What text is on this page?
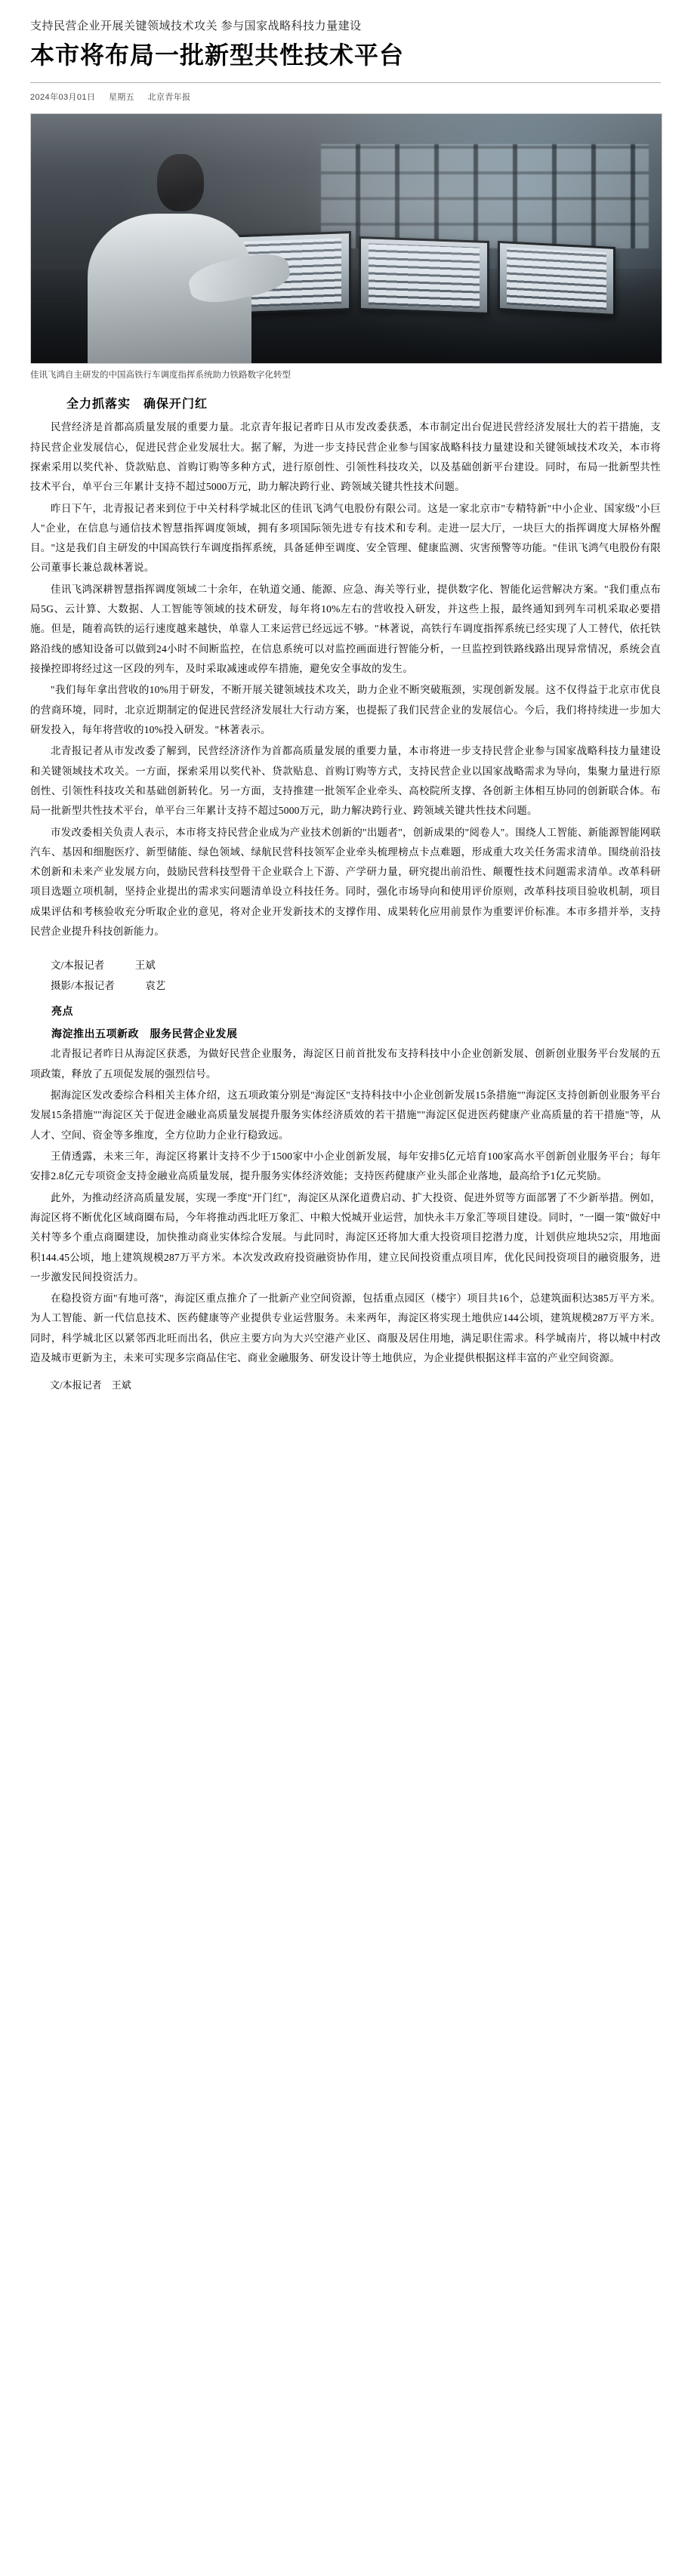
支持民营企业开展关键领域技术攻关 参与国家战略科技力量建设
本市将布局一批新型共性技术平台
2024年03月01日 星期五 北京青年报
佳讯飞鸿自主研发的中国高铁行车调度指挥系统助力铁路数字化转型
全力抓落实　确保开门红

民营经济是首都高质量发展的重要力量。北京青年报记者昨日从市发改委获悉，本市制定出台促进民营经济发展壮大的若干措施，支持民营企业发展信心，促进民营企业发展壮大。据了解，为进一步支持民营企业参与国家战略科技力量建设和关键领域技术攻关，本市将探索采用以奖代补、贷款贴息、首购订购等多种方式，进行原创性、引领性科技攻关，以及基础创新平台建设。同时，布局一批新型共性技术平台，单平台三年累计支持不超过5000万元，助力解决跨行业、跨领域关键共性技术问题。

昨日下午，北青报记者来到位于中关村科学城北区的佳讯飞鸿气电股份有限公司。这是一家北京市"专精特新"中小企业、国家级"小巨人"企业，在信息与通信技术智慧指挥调度领域，拥有多项国际领先进专有技术和专利。走进一层大厅，一块巨大的指挥调度大屏格外醒目。"这是我们自主研发的中国高铁行车调度指挥系统，具备延伸至调度、安全管理、健康监测、灾害预警等功能。"佳讯飞鸿气电股份有限公司董事长兼总裁林著说。

佳讯飞鸿深耕智慧指挥调度领域二十余年，在轨道交通、能源、应急、海关等行业，提供数字化、智能化运营解决方案。"我们重点布局5G、云计算、大数据、人工智能等领域的技术研发，每年将10%左右的营收投入研发，并这些上报，最终通知到列车司机采取必要措施。但是，随着高铁的运行速度越来越快，单靠人工来运营已经远远不够。"林著说，高铁行车调度指挥系统已经实现了人工替代，依托铁路沿线的感知设备可以做到24小时不间断监控，在信息系统可以对监控画面进行智能分析，一旦监控到铁路线路出现异常情况，系统会直接操控即将经过这一区段的列车，及时采取减速或停车措施，避免安全事故的发生。

"我们每年拿出营收的10%用于研发，不断开展关键领域技术攻关，助力企业不断突破瓶颈，实现创新发展。这不仅得益于北京市优良的营商环境，同时，北京近期制定的促进民营经济发展壮大行动方案，也提振了我们民营企业的发展信心。今后，我们将持续进一步加大研发投入，每年将营收的10%投入研发。"林著表示。

北青报记者从市发改委了解到，民营经济济作为首都高质量发展的重要力量，本市将进一步支持民营企业参与国家战略科技力量建设和关键领域技术攻关。一方面，探索采用以奖代补、贷款贴息、首购订购等方式，支持民营企业以国家战略需求为导向，集聚力量进行原创性、引领性科技攻关和基础创新转化。另一方面，支持推建一批领军企业牵头、高校院所支撑、各创新主体相互协同的创新联合体。布局一批新型共性技术平台，单平台三年累计支持不超过5000万元，助力解决跨行业、跨领域关键共性技术问题。

市发改委相关负责人表示，本市将支持民营企业成为产业技术创新的"出题者"，创新成果的"阅卷人"。围绕人工智能、新能源智能网联汽车、基因和细胞医疗、新型储能、绿色领域、绿航民营科技领军企业牵头梳理榜点卡点难题，形成重大攻关任务需求清单。围绕前沿技术创新和未来产业发展方向，鼓励民营科技型骨干企业联合上下游、产学研力量，研究提出前沿性、颠覆性技术问题需求清单。改革科研项目选题立项机制，坚持企业提出的需求实问题清单设立科技任务。同时，强化市场导向和使用评价原则，改革科技项目验收机制，项目成果评估和考核验收充分听取企业的意见，将对企业开发新技术的支撑作用、成果转化应用前景作为重要评价标准。本市多措并举，支持民营企业提升科技创新能力。

文/本报记者	王斌
摄影/本报记者	袁艺
亮点
海淀推出五项新政　服务民营企业发展

北青报记者昨日从海淀区获悉，为做好民营企业服务，海淀区日前首批发布支持科技中小企业创新发展、创新创业服务平台发展的五项政策，释放了五项促发展的强烈信号。

据海淀区发改委综合科相关主体介绍，这五项政策分别是"海淀区"支持科技中小企业创新发展15条措施""海淀区支持创新创业服务平台发展15条措施""海淀区关于促进金融业高质量发展提升服务实体经济质效的若干措施""海淀区促进医药健康产业高质量的若干措施"等，从人才、空间、资金等多维度，全方位助力企业行稳致远。

王倩透露，未来三年，海淀区将累计支持不少于1500家中小企业创新发展，每年安排5亿元培育100家高水平创新创业服务平台；每年安排2.8亿元专项资金支持金融业高质量发展，提升服务实体经济效能；支持医药健康产业头部企业落地，最高给予1亿元奖励。

此外，为推动经济高质量发展，实现一季度"开门红"，海淀区从深化道费启动、扩大投资、促进外贸等方面部署了不少新举措。例如，海淀区将不断优化区域商圈布局，今年将推动西北旺万象汇、中粮大悦城开业运营，加快永丰万象汇等项目建设。同时，"一圈一策"做好中关村等多个重点商圈建设，加快推动商业实体综合发展。与此同时，海淀区还将加大重大投资项目挖潜力度，计划供应地块52宗，用地面积144.45公顷，地上建筑规模287万平方米。本次发改政府投资融资协作用，建立民间投资重点项目库，优化民间投资项目的融资服务，进一步激发民间投资活力。

在稳投资方面"有地可落"，海淀区重点推介了一批新产业空间资源，包括重点园区（楼宇）项目共16个，总建筑面积达385万平方米。为人工智能、新一代信息技术、医药健康等产业提供专业运营服务。未来两年，海淀区将实现土地供应144公顷，建筑规模287万平方米。同时，科学城北区以紧邻西北旺而出名，供应主要方向为大兴空港产业区、商服及居住用地，满足职住需求。科学城南片，将以城中村改造及城市更新为主，未来可实现多宗商品住宅、商业金融服务、研发设计等土地供应，为企业提供根据这样丰富的产业空间资源。

文/本报记者　王斌
